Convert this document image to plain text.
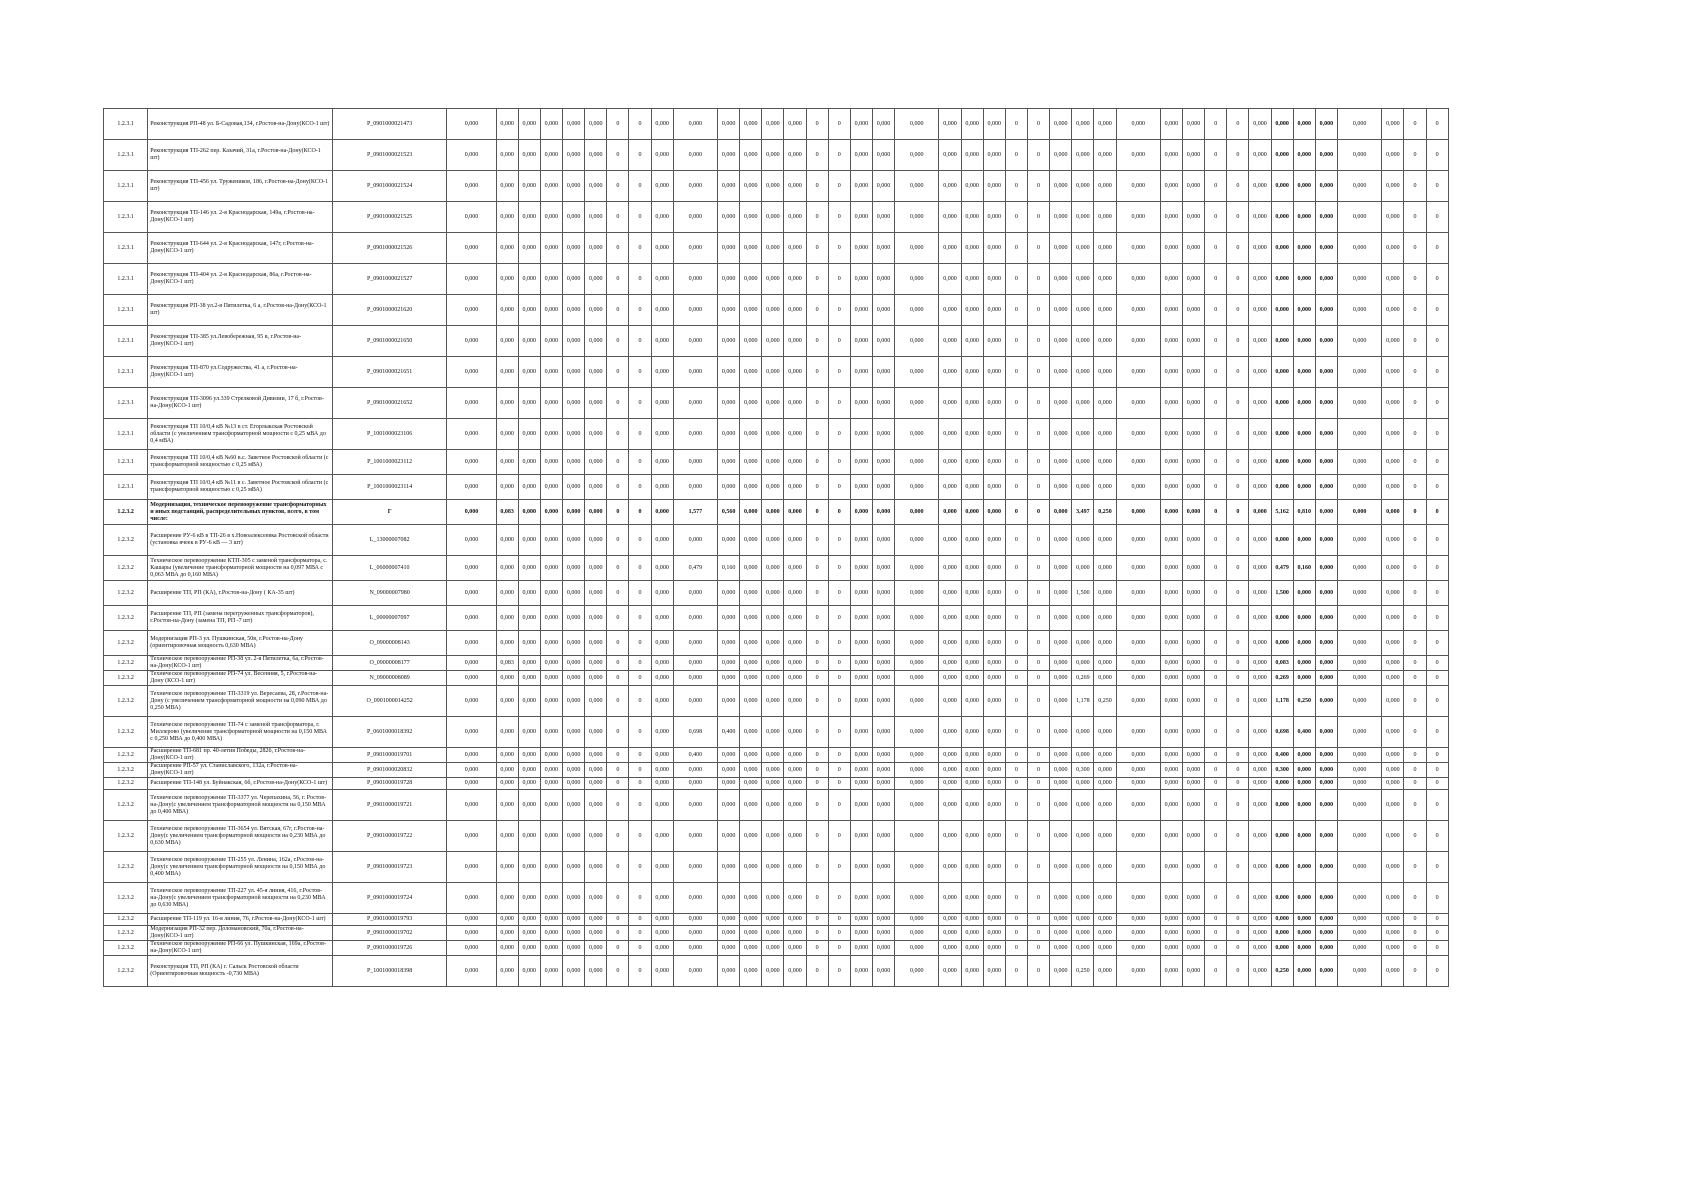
1.2.3.1	Реконструкция РП-48 ул. Б-Садовая,134, г.Ростов-на-Дону(КСО-1 шт)	P_0901000021473	0,000	0,000	0,000	0,000	0,000	0,000	0	0	0,000	0,000	0,000	0,000	0,000	0,000	0	0	0,000	0,000	0,000	0,000	0,000	0,000	0	0	0,000	0,000	0,000	0,000	0,000	0,000	0	0	0,000	0,000	0,000	0,000	0,000	0,000	0	0
1.2.3.1	Реконструкция ТП-262 пер. Казачий, 31а, г.Ростов-на-Дону(КСО-1 шт)	P_0901000021523	0,000	0,000	0,000	0,000	0,000	0,000	0	0	0,000	0,000	0,000	0,000	0,000	0,000	0	0	0,000	0,000	0,000	0,000	0,000	0,000	0	0	0,000	0,000	0,000	0,000	0,000	0,000	0	0	0,000	0,000	0,000	0,000	0,000	0,000	0	0
1.2.3.1	Реконструкция ТП-456 ул. Тружеников, 186, г.Ростов-на-Дону(КСО-1 шт)	P_0901000021524	0,000	0,000	0,000	0,000	0,000	0,000	0	0	0,000	0,000	0,000	0,000	0,000	0,000	0	0	0,000	0,000	0,000	0,000	0,000	0,000	0	0	0,000	0,000	0,000	0,000	0,000	0,000	0	0	0,000	0,000	0,000	0,000	0,000	0,000	0	0
1.2.3.1	Реконструкция ТП-146 ул. 2-я Краснодарская, 149а, г.Ростов-на-Дону(КСО-1 шт)	P_0901000021525	0,000	0,000	0,000	0,000	0,000	0,000	0	0	0,000	0,000	0,000	0,000	0,000	0,000	0	0	0,000	0,000	0,000	0,000	0,000	0,000	0	0	0,000	0,000	0,000	0,000	0,000	0,000	0	0	0,000	0,000	0,000	0,000	0,000	0,000	0	0
1.2.3.1	Реконструкция ТП-644 ул. 2-я Краснодарская, 147г, г.Ростов-на-Дону(КСО-1 шт)	P_0901000021526	0,000	0,000	0,000	0,000	0,000	0,000	0	0	0,000	0,000	0,000	0,000	0,000	0,000	0	0	0,000	0,000	0,000	0,000	0,000	0,000	0	0	0,000	0,000	0,000	0,000	0,000	0,000	0	0	0,000	0,000	0,000	0,000	0,000	0,000	0	0
1.2.3.1	Реконструкция ТП-404 ул. 2-я Краснодарская, 86а, г.Ростов-на-Дону(КСО-1 шт)	P_0901000021527	0,000	0,000	0,000	0,000	0,000	0,000	0	0	0,000	0,000	0,000	0,000	0,000	0,000	0	0	0,000	0,000	0,000	0,000	0,000	0,000	0	0	0,000	0,000	0,000	0,000	0,000	0,000	0	0	0,000	0,000	0,000	0,000	0,000	0,000	0	0
1.2.3.1	Реконструкция РП-38 ул.2-я Пятилетка, 6 а, г.Ростов-на-Дону(КСО-1 шт)	P_0901000021620	0,000	0,000	0,000	0,000	0,000	0,000	0	0	0,000	0,000	0,000	0,000	0,000	0,000	0	0	0,000	0,000	0,000	0,000	0,000	0,000	0	0	0,000	0,000	0,000	0,000	0,000	0,000	0	0	0,000	0,000	0,000	0,000	0,000	0,000	0	0
1.2.3.1	Реконструкция ТП-385 ул.Левобережная, 95 в, г.Ростов-на-Дону(КСО-1 шт)	P_0901000021650	0,000	0,000	0,000	0,000	0,000	0,000	0	0	0,000	0,000	0,000	0,000	0,000	0,000	0	0	0,000	0,000	0,000	0,000	0,000	0,000	0	0	0,000	0,000	0,000	0,000	0,000	0,000	0	0	0,000	0,000	0,000	0,000	0,000	0,000	0	0
1.2.3.1	Реконструкция ТП-870 ул.Содружества, 41 а, г.Ростов-на-Дону(КСО-1 шт)	P_0901000021651	0,000	0,000	0,000	0,000	0,000	0,000	0	0	0,000	0,000	0,000	0,000	0,000	0,000	0	0	0,000	0,000	0,000	0,000	0,000	0,000	0	0	0,000	0,000	0,000	0,000	0,000	0,000	0	0	0,000	0,000	0,000	0,000	0,000	0,000	0	0
1.2.3.1	Реконструкция ТП-3096 ул.339 Стрелковой Дивизии, 17 б, г.Ростов-на-Дону(КСО-1 шт)	P_0901000021652	0,000	0,000	0,000	0,000	0,000	0,000	0	0	0,000	0,000	0,000	0,000	0,000	0,000	0	0	0,000	0,000	0,000	0,000	0,000	0,000	0	0	0,000	0,000	0,000	0,000	0,000	0,000	0	0	0,000	0,000	0,000	0,000	0,000	0,000	0	0
1.2.3.1	Реконструкция ТП 10/0,4 кВ №13 в ст. Егорлыкская Ростовской области (с увеличением трансформаторной мощности с 0,25 мВА до 0,4 мВА)	P_1001000023106	0,000	0,000	0,000	0,000	0,000	0,000	0	0	0,000	0,000	0,000	0,000	0,000	0,000	0	0	0,000	0,000	0,000	0,000	0,000	0,000	0	0	0,000	0,000	0,000	0,000	0,000	0,000	0	0	0,000	0,000	0,000	0,000	0,000	0,000	0	0
1.2.3.1	Реконструкция ТП 10/0,4 кВ №60 в.с. Заветное Ростовской области (с трансформаторной мощностью с 0,25 мВА)	P_1001000023112	0,000	0,000	0,000	0,000	0,000	0,000	0	0	0,000	0,000	0,000	0,000	0,000	0,000	0	0	0,000	0,000	0,000	0,000	0,000	0,000	0	0	0,000	0,000	0,000	0,000	0,000	0,000	0	0	0,000	0,000	0,000	0,000	0,000	0,000	0	0
1.2.3.1	Реконструкция ТП 10/0,4 кВ №11 в с. Заветное Ростовской области (с трансформаторной мощностью с 0,25 мВА)	P_1001000023114	0,000	0,000	0,000	0,000	0,000	0,000	0	0	0,000	0,000	0,000	0,000	0,000	0,000	0	0	0,000	0,000	0,000	0,000	0,000	0,000	0	0	0,000	0,000	0,000	0,000	0,000	0,000	0	0	0,000	0,000	0,000	0,000	0,000	0,000	0	0
1.2.3.2	Модернизация, техническое перевооружение трансформаторных и иных подстанций, распределительных пунктов, всего, в том числе:	Г	0,000	0,083	0,000	0,000	0,000	0,000	0	0	0,000	1,577	0,560	0,000	0,000	0,000	0	0	0,000	0,000	0,000	0,000	0,000	0,000	0	0	0,000	3,497	0,250	0,000	0,000	0,000	0	0	0,000	5,162	0,810	0,000	0,000	0,000	0	0
1.2.3.2	Расширение РУ-6 кВ в ТП-26 в х.Новоалексеевка Ростовской области (установка ячеек в РУ-6 кВ — 3 шт)	L_13000007082	0,000	0,000	0,000	0,000	0,000	0,000	0	0	0,000	0,000	0,000	0,000	0,000	0,000	0	0	0,000	0,000	0,000	0,000	0,000	0,000	0	0	0,000	0,000	0,000	0,000	0,000	0,000	0	0	0,000	0,000	0,000	0,000	0,000	0,000	0	0
1.2.3.2	Техническое перевооружение КТП-305 с заменой трансформатора, с. Кашары (увеличение трансформаторной мощности на 0,097 МВА с 0,063 МВА до 0,160 МВА)	L_06000007410	0,000	0,000	0,000	0,000	0,000	0,000	0	0	0,000	0,479	0,160	0,000	0,000	0,000	0	0	0,000	0,000	0,000	0,000	0,000	0,000	0	0	0,000	0,000	0,000	0,000	0,000	0,000	0	0	0,000	0,479	0,160	0,000	0,000	0,000	0	0
1.2.3.2	Расширение ТП, РП (КА), г.Ростов-на-Дону ( КА-35 шт)	N_09000007980	0,000	0,000	0,000	0,000	0,000	0,000	0	0	0,000	0,000	0,000	0,000	0,000	0,000	0	0	0,000	0,000	0,000	0,000	0,000	0,000	0	0	0,000	1,500	0,000	0,000	0,000	0,000	0	0	0,000	1,500	0,000	0,000	0,000	0,000	0	0
1.2.3.2	Расширение ТП, РП (замена перегруженных трансформаторов), г.Ростов-на-Дону (замена ТП, РП -7 шт)	L_00000007097	0,000	0,000	0,000	0,000	0,000	0,000	0	0	0,000	0,000	0,000	0,000	0,000	0,000	0	0	0,000	0,000	0,000	0,000	0,000	0,000	0	0	0,000	0,000	0,000	0,000	0,000	0,000	0	0	0,000	0,000	0,000	0,000	0,000	0,000	0	0
1.2.3.2	Модернизация РП-3 ул. Пушкинская, 50в, г.Ростов-на-Дону (ориентировочная мощность 0,630 МВА)	O_09000008143	0,000	0,000	0,000	0,000	0,000	0,000	0	0	0,000	0,000	0,000	0,000	0,000	0,000	0	0	0,000	0,000	0,000	0,000	0,000	0,000	0	0	0,000	0,000	0,000	0,000	0,000	0,000	0	0	0,000	0,000	0,000	0,000	0,000	0,000	0	0
1.2.3.2	Техническое перевооружение РП-38 ул. 2-я Пятилетка, 6а, г.Ростов-на-Дону(КСО-1 шт)	O_09000008177	0,000	0,083	0,000	0,000	0,000	0,000	0	0	0,000	0,000	0,000	0,000	0,000	0,000	0	0	0,000	0,000	0,000	0,000	0,000	0,000	0	0	0,000	0,000	0,000	0,000	0,000	0,000	0	0	0,000	0,083	0,000	0,000	0,000	0,000	0	0
1.2.3.2	Техническое перевооружение РП-74 ул. Весенняя, 5, г.Ростов-на-Дону (КСО-1 шт)	N_09000008089	0,000	0,000	0,000	0,000	0,000	0,000	0	0	0,000	0,000	0,000	0,000	0,000	0,000	0	0	0,000	0,000	0,000	0,000	0,000	0,000	0	0	0,000	0,269	0,000	0,000	0,000	0,000	0	0	0,000	0,269	0,000	0,000	0,000	0,000	0	0
1.2.3.2	Техническое перевооружение ТП-3319 ул. Вересаева, 28, г.Ростов-на-Дону (с увеличением трансформаторной мощности на 0,090 МВА до 0,250 МВА)	O_0901000014252	0,000	0,000	0,000	0,000	0,000	0,000	0	0	0,000	0,000	0,000	0,000	0,000	0,000	0	0	0,000	0,000	0,000	0,000	0,000	0,000	0	0	0,000	1,178	0,250	0,000	0,000	0,000	0	0	0,000	1,178	0,250	0,000	0,000	0,000	0	0
1.2.3.2	Техническое перевооружение ТП-74 с заменой трансформатора, г. Миллерово (увеличение трансформаторной мощности на 0,150 МВА с 0,250 МВА до 0,400 МВА)	P_0601000018392	0,000	0,000	0,000	0,000	0,000	0,000	0	0	0,000	0,698	0,400	0,000	0,000	0,000	0	0	0,000	0,000	0,000	0,000	0,000	0,000	0	0	0,000	0,000	0,000	0,000	0,000	0,000	0	0	0,000	0,698	0,400	0,000	0,000	0,000	0	0
1.2.3.2	Расширение ТП-681 пр. 40-летия Победы, 282б, г.Ростов-на-Дону(КСО-1 шт)	P_0901000019701	0,000	0,000	0,000	0,000	0,000	0,000	0	0	0,000	0,400	0,000	0,000	0,000	0,000	0	0	0,000	0,000	0,000	0,000	0,000	0,000	0	0	0,000	0,000	0,000	0,000	0,000	0,000	0	0	0,000	0,400	0,000	0,000	0,000	0,000	0	0
1.2.3.2	Расширение РП-57 ул. Станиславского, 132а, г.Ростов-на-Дону(КСО-1 шт)	P_0901000020832	0,000	0,000	0,000	0,000	0,000	0,000	0	0	0,000	0,000	0,000	0,000	0,000	0,000	0	0	0,000	0,000	0,000	0,000	0,000	0,000	0	0	0,000	0,300	0,000	0,000	0,000	0,000	0	0	0,000	0,300	0,000	0,000	0,000	0,000	0	0
1.2.3.2	Расширение ТП-148 ул. Буйнакская, 6б, г.Ростов-на-Дону(КСО-1 шт)	P_0901000019728	0,000	0,000	0,000	0,000	0,000	0,000	0	0	0,000	0,000	0,000	0,000	0,000	0,000	0	0	0,000	0,000	0,000	0,000	0,000	0,000	0	0	0,000	0,000	0,000	0,000	0,000	0,000	0	0	0,000	0,000	0,000	0,000	0,000	0,000	0	0
1.2.3.2	Техническое перевооружение ТП-3377 ул. Черепахина, 56, г. Ростов-на-Дону(с увеличением трансформаторной мощности на 0,150 МВА до 0,400 МВА)	P_0901000019721	0,000	0,000	0,000	0,000	0,000	0,000	0	0	0,000	0,000	0,000	0,000	0,000	0,000	0	0	0,000	0,000	0,000	0,000	0,000	0,000	0	0	0,000	0,000	0,000	0,000	0,000	0,000	0	0	0,000	0,000	0,000	0,000	0,000	0,000	0	0
1.2.3.2	Техническое перевооружение ТП-3654 ул. Вятская, 67г, г.Ростов-на-Дону(с увеличением трансформаторной мощности на 0,230 МВА до 0,630 МВА)	P_0901000019722	0,000	0,000	0,000	0,000	0,000	0,000	0	0	0,000	0,000	0,000	0,000	0,000	0,000	0	0	0,000	0,000	0,000	0,000	0,000	0,000	0	0	0,000	0,000	0,000	0,000	0,000	0,000	0	0	0,000	0,000	0,000	0,000	0,000	0,000	0	0
1.2.3.2	Техническое перевооружение ТП-255 ул. Ленина, 162а, г.Ростов-на-Дону(с увеличением трансформаторной мощности на 0,150 МВА до 0,400 МВА)	P_0901000019723	0,000	0,000	0,000	0,000	0,000	0,000	0	0	0,000	0,000	0,000	0,000	0,000	0,000	0	0	0,000	0,000	0,000	0,000	0,000	0,000	0	0	0,000	0,000	0,000	0,000	0,000	0,000	0	0	0,000	0,000	0,000	0,000	0,000	0,000	0	0
1.2.3.2	Техническое перевооружение ТП-227 ул. 45-я линия, 416, г.Ростов-на-Дону(с увеличением трансформаторной мощности на 0,230 МВА до 0,630 МВА)	P_0901000019724	0,000	0,000	0,000	0,000	0,000	0,000	0	0	0,000	0,000	0,000	0,000	0,000	0,000	0	0	0,000	0,000	0,000	0,000	0,000	0,000	0	0	0,000	0,000	0,000	0,000	0,000	0,000	0	0	0,000	0,000	0,000	0,000	0,000	0,000	0	0
1.2.3.2	Расширение ТП-119 ул. 16-я линия, 76, г.Ростов-на-Дону(КСО-1 шт)	P_0901000019793	0,000	0,000	0,000	0,000	0,000	0,000	0	0	0,000	0,000	0,000	0,000	0,000	0,000	0	0	0,000	0,000	0,000	0,000	0,000	0,000	0	0	0,000	0,000	0,000	0,000	0,000	0,000	0	0	0,000	0,000	0,000	0,000	0,000	0,000	0	0
1.2.3.2	Модернизация РП-32 пер. Доломановский, 70а, г.Ростов-на-Дону(КСО-1 шт)	P_0901000019702	0,000	0,000	0,000	0,000	0,000	0,000	0	0	0,000	0,000	0,000	0,000	0,000	0,000	0	0	0,000	0,000	0,000	0,000	0,000	0,000	0	0	0,000	0,000	0,000	0,000	0,000	0,000	0	0	0,000	0,000	0,000	0,000	0,000	0,000	0	0
1.2.3.2	Техническое перевооружение РП-66 ул. Пушкинская, 169а, г.Ростов-на-Дону(КСО-1 шт)	P_0901000019726	0,000	0,000	0,000	0,000	0,000	0,000	0	0	0,000	0,000	0,000	0,000	0,000	0,000	0	0	0,000	0,000	0,000	0,000	0,000	0,000	0	0	0,000	0,000	0,000	0,000	0,000	0,000	0	0	0,000	0,000	0,000	0,000	0,000	0,000	0	0
1.2.3.2	Реконструкция ТП, РП (КА) г. Сальск Ростовской области (Ориентировочная мощность -0,730 МВА)	P_1001000018398	0,000	0,000	0,000	0,000	0,000	0,000	0	0	0,000	0,000	0,000	0,000	0,000	0,000	0	0	0,000	0,000	0,000	0,000	0,000	0,000	0	0	0,000	0,250	0,000	0,000	0,000	0,000	0	0	0,000	0,250	0,000	0,000	0,000	0,000	0	0
